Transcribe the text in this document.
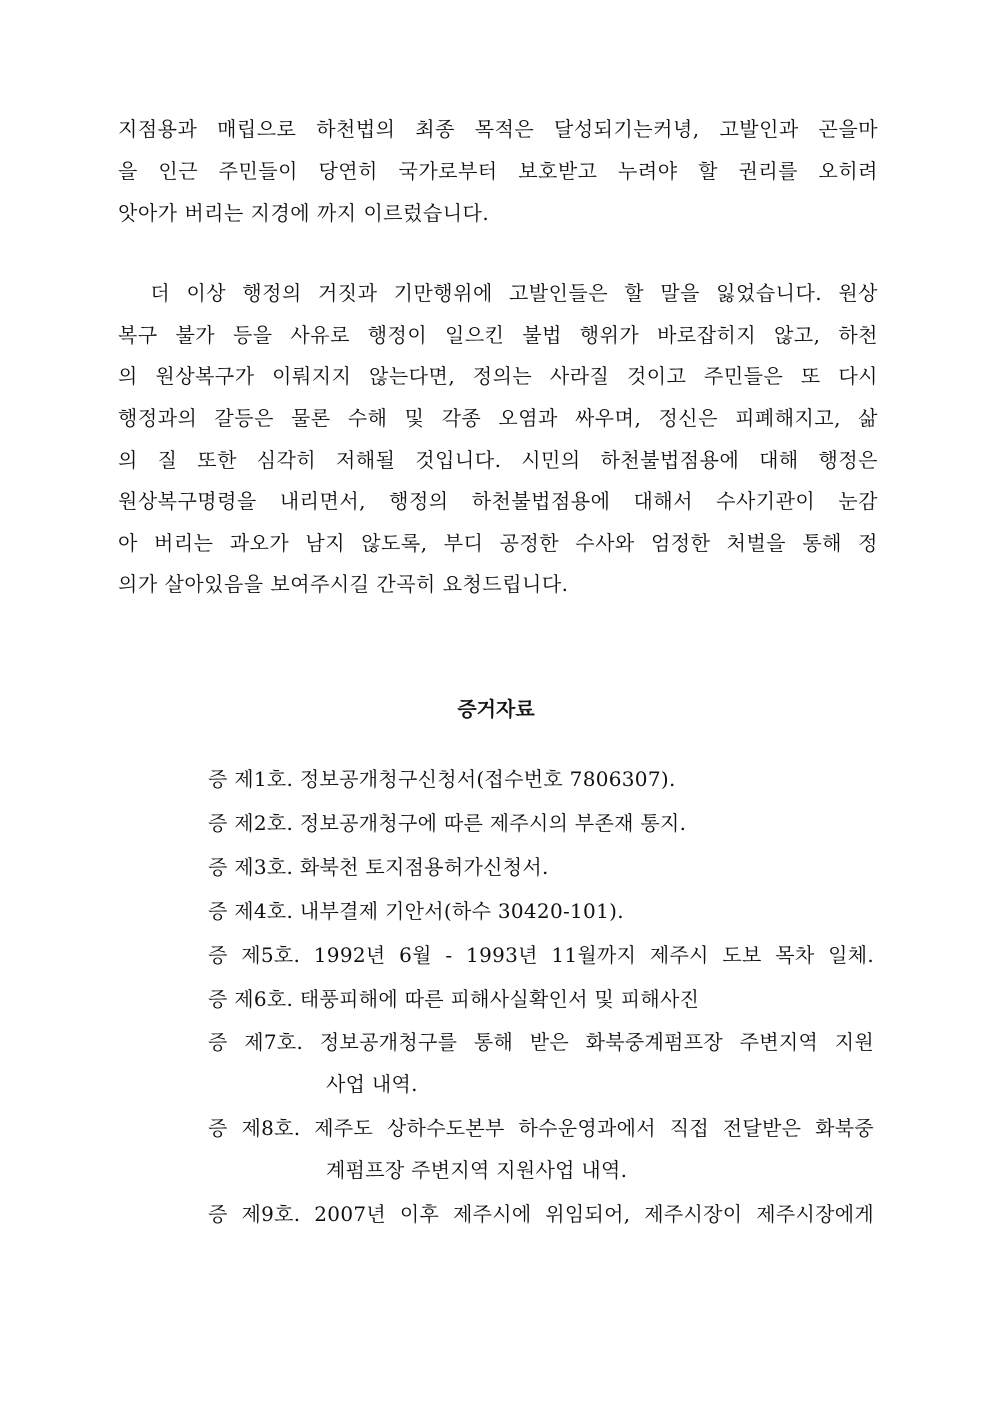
지점용과 매립으로 하천법의 최종 목적은 달성되기는커녕, 고발인과 곤을마
을 인근 주민들이 당연히 국가로부터 보호받고 누려야 할 권리를 오히려
앗아가 버리는 지경에 까지 이르렀습니다.
더 이상 행정의 거짓과 기만행위에 고발인들은 할 말을 잃었습니다. 원상
복구 불가 등을 사유로 행정이 일으킨 불법 행위가 바로잡히지 않고, 하천
의 원상복구가 이뤄지지 않는다면, 정의는 사라질 것이고 주민들은 또 다시
행정과의 갈등은 물론 수해 및 각종 오염과 싸우며, 정신은 피폐해지고, 삶
의 질 또한 심각히 저해될 것입니다. 시민의 하천불법점용에 대해 행정은
원상복구명령을 내리면서, 행정의 하천불법점용에 대해서 수사기관이 눈감
아 버리는 과오가 남지 않도록, 부디 공정한 수사와 엄정한 처벌을 통해 정
의가 살아있음을 보여주시길 간곡히 요청드립니다.
증거자료
증 제1호. 정보공개청구신청서(접수번호 7806307).
증 제2호. 정보공개청구에 따른 제주시의 부존재 통지.
증 제3호. 화북천 토지점용허가신청서.
증 제4호. 내부결제 기안서(하수 30420-101).
증 제5호. 1992년 6월 - 1993년 11월까지 제주시 도보 목차 일체.
증 제6호. 태풍피해에 따른 피해사실확인서 및 피해사진
증 제7호. 정보공개청구를 통해 받은 화북중계펌프장 주변지역 지원
사업 내역.
증 제8호. 제주도 상하수도본부 하수운영과에서 직접 전달받은 화북중
계펌프장 주변지역 지원사업 내역.
증 제9호. 2007년 이후 제주시에 위임되어, 제주시장이 제주시장에게
